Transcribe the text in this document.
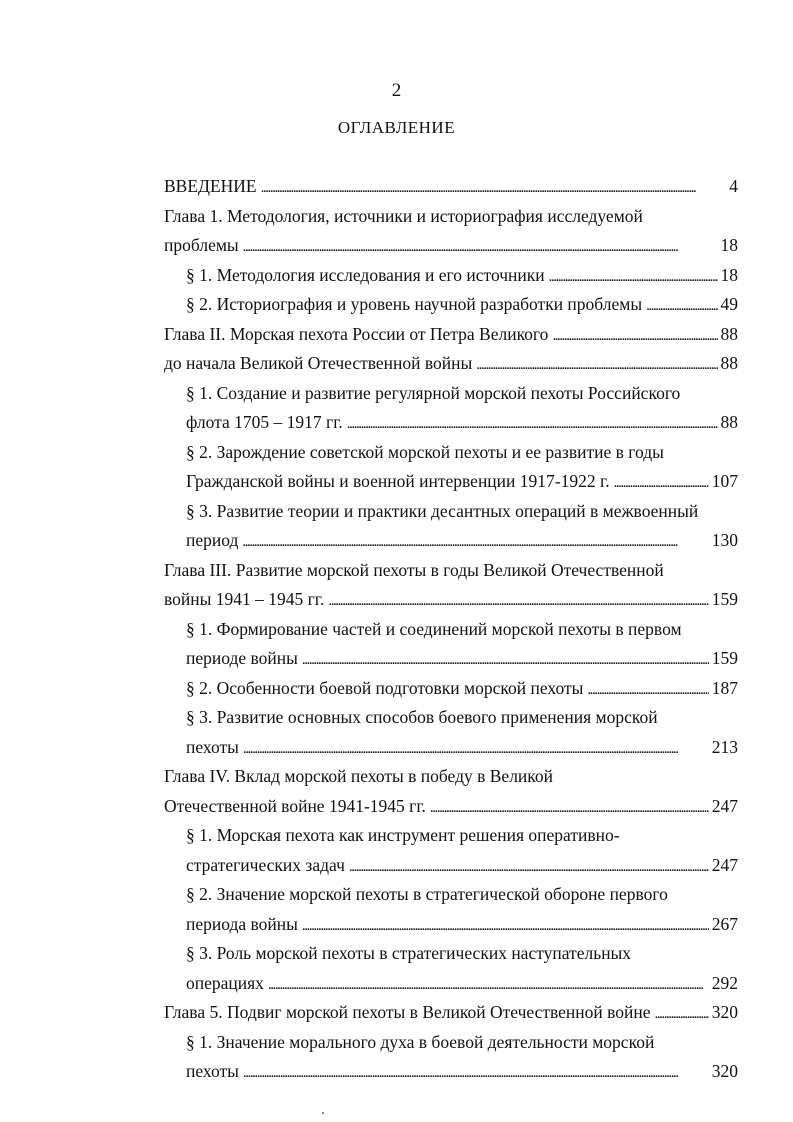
2
ОГЛАВЛЕНИЕ
ВВЕДЕНИЕ . . .	4
Глава 1. Методология, источники и историография исследуемой
проблемы . . .	18
§ 1. Методология исследования и его источники . . .	18
§ 2. Историография и уровень научной разработки проблемы . . .	49
Глава II. Морская пехота России от Петра Великого . . .	88
до начала Великой Отечественной войны . . .	88
§ 1. Создание и развитие регулярной морской пехоты Российского
флота 1705 – 1917 гг. . . .	88
§ 2. Зарождение советской морской пехоты и ее развитие в годы
Гражданской войны и военной интервенции 1917-1922 г. . . .	107
§ 3. Развитие теории и практики десантных операций в межвоенный
период . . .	130
Глава III. Развитие морской пехоты в годы Великой Отечественной
войны 1941 – 1945 гг. . . .	159
§ 1. Формирование частей и соединений морской пехоты в первом
периоде войны . . .	159
§ 2. Особенности боевой подготовки морской пехоты . . .	187
§ 3. Развитие основных способов боевого применения морской
пехоты . . .	213
Глава IV. Вклад морской пехоты в победу в Великой
Отечественной войне 1941-1945 гг. . . .	247
§ 1. Морская пехота как инструмент решения оперативно-
стратегических задач . . .	247
§ 2. Значение морской пехоты в стратегической обороне первого
периода войны . . .	267
§ 3. Роль морской пехоты в стратегических наступательных
операциях . . .	292
Глава 5. Подвиг морской пехоты в Великой Отечественной войне . . .	320
§ 1. Значение морального духа в боевой деятельности морской
пехоты . . .	320
